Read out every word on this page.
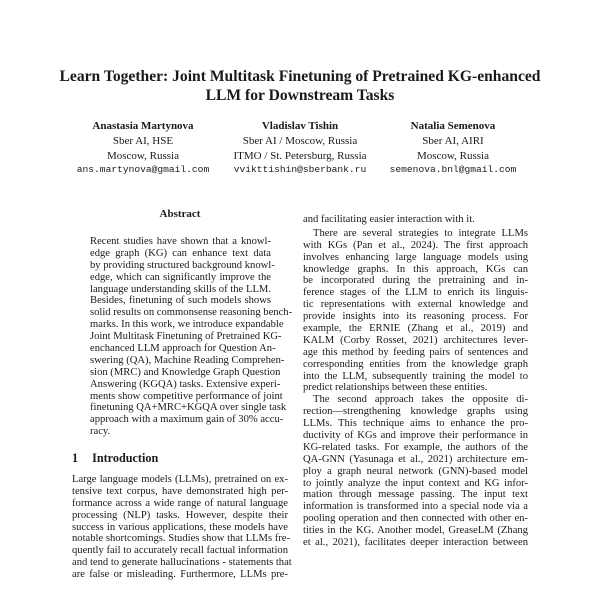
Learn Together: Joint Multitask Finetuning of Pretrained KG-enhanced
LLM for Downstream Tasks
Anastasia Martynova
Sber AI, HSE
Moscow, Russia
ans.martynova@gmail.com
Vladislav Tishin
Sber AI / Moscow, Russia
ITMO / St. Petersburg, Russia
vvikttishin@sberbank.ru
Natalia Semenova
Sber AI, AIRI
Moscow, Russia
semenova.bnl@gmail.com
Abstract
Recent studies have shown that a knowl-
edge graph (KG) can enhance text data
by providing structured background knowl-
edge, which can significantly improve the
language understanding skills of the LLM.
Besides, finetuning of such models shows
solid results on commonsense reasoning bench-
marks. In this work, we introduce expandable
Joint Multitask Finetuning of Pretrained KG-
enchanced LLM approach for Question An-
swering (QA), Machine Reading Comprehen-
sion (MRC) and Knowledge Graph Question
Answering (KGQA) tasks. Extensive experi-
ments show competitive performance of joint
finetuning QA+MRC+KGQA over single task
approach with a maximum gain of 30% accu-
racy.
1 Introduction
Large language models (LLMs), pretrained on ex-
tensive text corpus, have demonstrated high per-
formance across a wide range of natural language
processing (NLP) tasks. However, despite their
success in various applications, these models have
notable shortcomings. Studies show that LLMs fre-
quently fail to accurately recall factual information
and tend to generate hallucinations - statements that
are false or misleading. Furthermore, LLMs pre-
and facilitating easier interaction with it.
There are several strategies to integrate LLMs
with KGs (Pan et al., 2024). The first approach
involves enhancing large language models using
knowledge graphs. In this approach, KGs can
be incorporated during the pretraining and in-
ference stages of the LLM to enrich its linguis-
tic representations with external knowledge and
provide insights into its reasoning process. For
example, the ERNIE (Zhang et al., 2019) and
KALM (Corby Rosset, 2021) architectures lever-
age this method by feeding pairs of sentences and
corresponding entities from the knowledge graph
into the LLM, subsequently training the model to
predict relationships between these entities.
The second approach takes the opposite di-
rection—strengthening knowledge graphs using
LLMs. This technique aims to enhance the pro-
ductivity of KGs and improve their performance in
KG-related tasks. For example, the authors of the
QA-GNN (Yasunaga et al., 2021) architecture em-
ploy a graph neural network (GNN)-based model
to jointly analyze the input context and KG infor-
mation through message passing. The input text
information is transformed into a special node via a
pooling operation and then connected with other en-
tities in the KG. Another model, GreaseLM (Zhang
et al., 2021), facilitates deeper interaction between
